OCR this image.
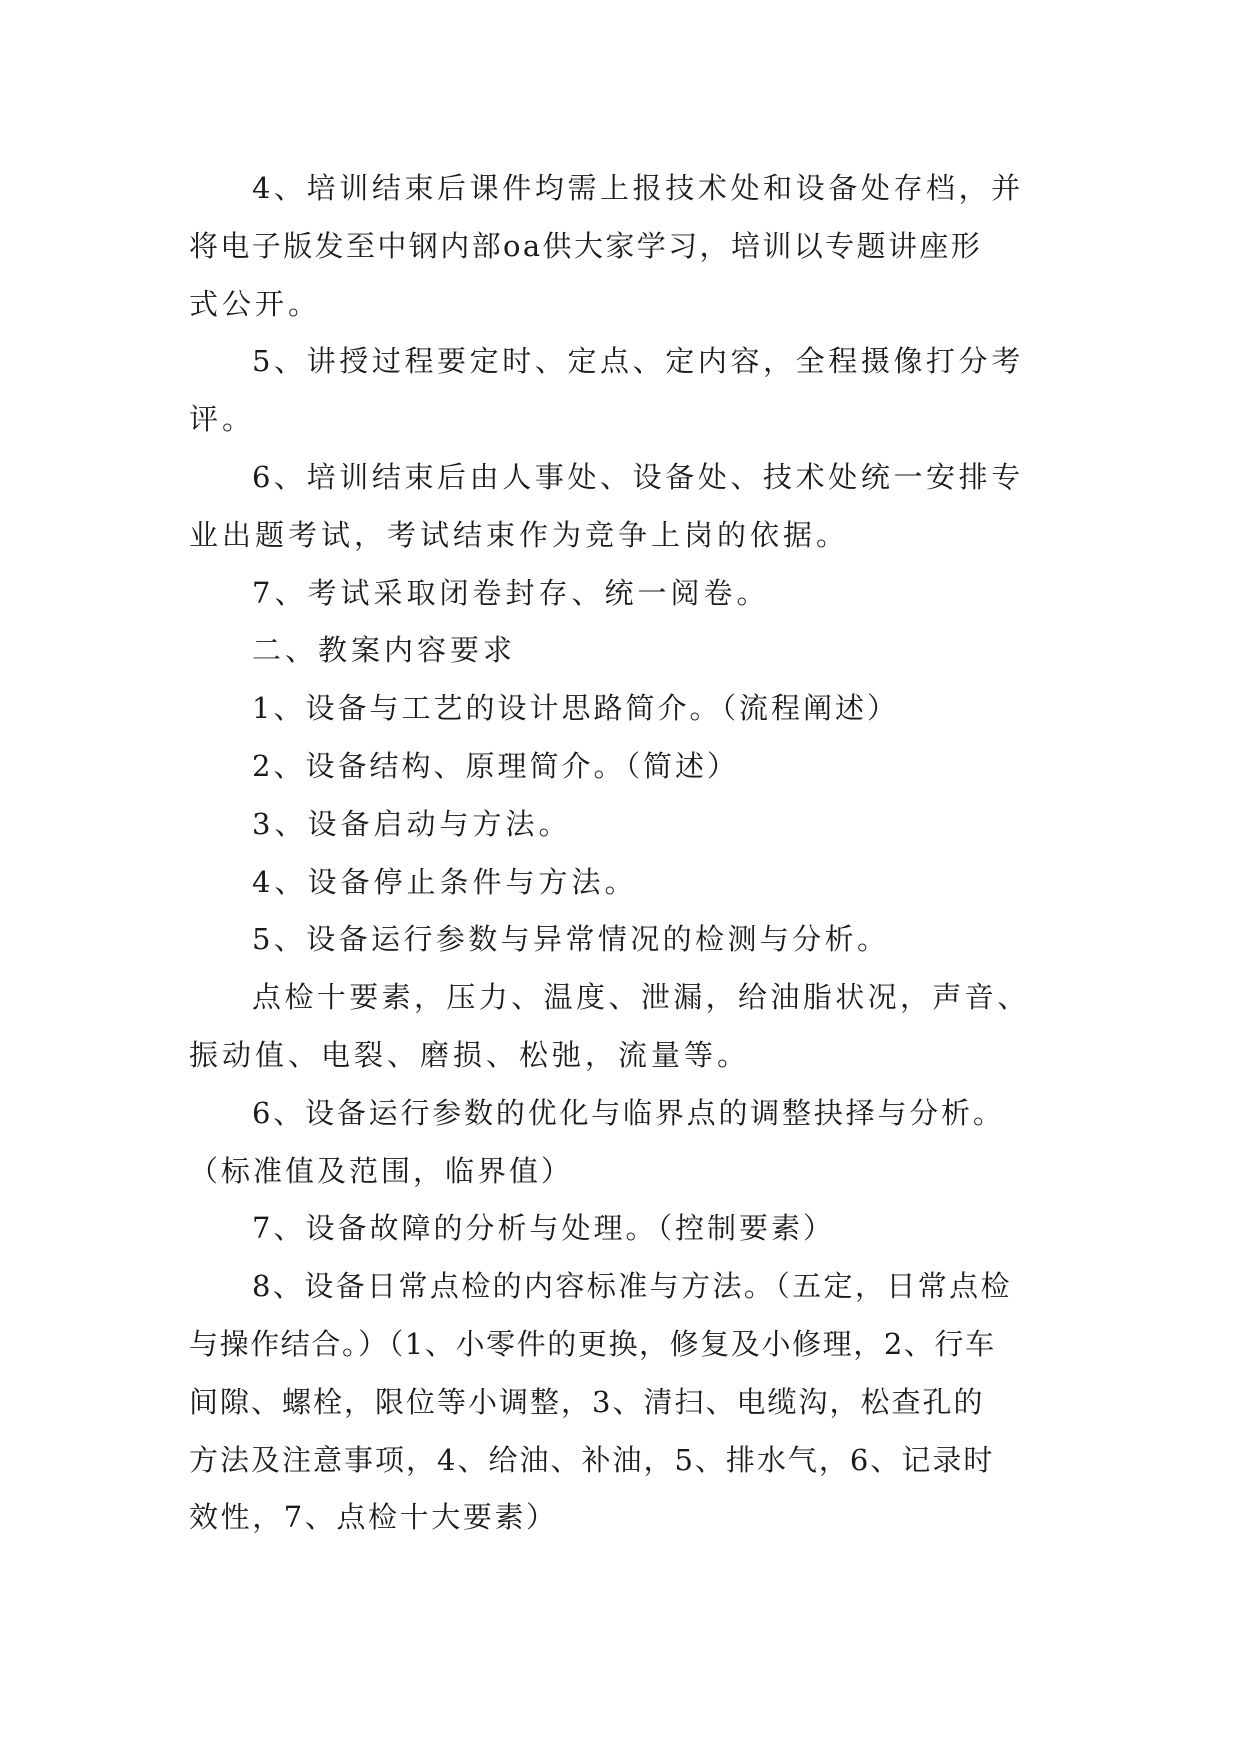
4、培训结束后课件均需上报技术处和设备处存档，并

将电子版发至中钢内部oa供大家学习，培训以专题讲座形

式公开。

5、讲授过程要定时、定点、定内容，全程摄像打分考

评。

6、培训结束后由人事处、设备处、技术处统一安排专

业出题考试，考试结束作为竞争上岗的依据。

7、考试采取闭卷封存、统一阅卷。

二、教案内容要求

1、设备与工艺的设计思路简介。（流程阐述）

2、设备结构、原理简介。（简述）

3、设备启动与方法。

4、设备停止条件与方法。

5、设备运行参数与异常情况的检测与分析。

点检十要素，压力、温度、泄漏，给油脂状况，声音、

振动值、电裂、磨损、松弛，流量等。

6、设备运行参数的优化与临界点的调整抉择与分析。

（标准值及范围，临界值）

7、设备故障的分析与处理。（控制要素）

8、设备日常点检的内容标准与方法。（五定，日常点检

与操作结合。）（1、小零件的更换，修复及小修理，2、行车

间隙、螺栓，限位等小调整，3、清扫、电缆沟，松查孔的

方法及注意事项，4、给油、补油，5、排水气，6、记录时

效性，7、点检十大要素）
